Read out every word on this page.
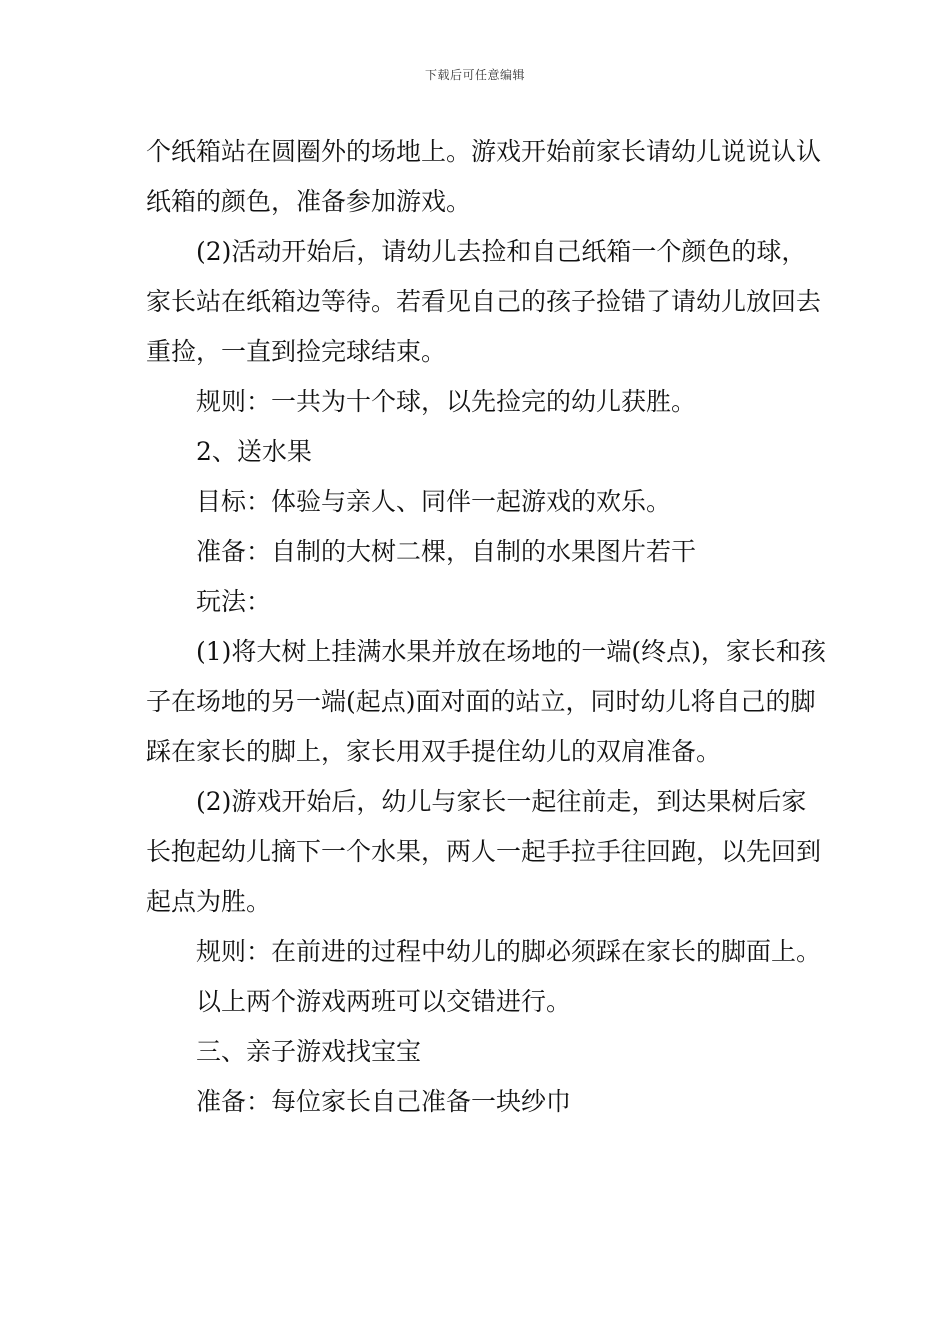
下载后可任意编辑

个纸箱站在圆圈外的场地上。游戏开始前家长请幼儿说说认认纸箱的颜色，准备参加游戏。

(2)活动开始后，请幼儿去捡和自己纸箱一个颜色的球，家长站在纸箱边等待。若看见自己的孩子捡错了请幼儿放回去重捡，一直到捡完球结束。

规则：一共为十个球，以先捡完的幼儿获胜。

2、送水果

目标：体验与亲人、同伴一起游戏的欢乐。

准备：自制的大树二棵，自制的水果图片若干

玩法：

(1)将大树上挂满水果并放在场地的一端(终点)，家长和孩子在场地的另一端(起点)面对面的站立，同时幼儿将自己的脚踩在家长的脚上，家长用双手提住幼儿的双肩准备。

(2)游戏开始后，幼儿与家长一起往前走，到达果树后家长抱起幼儿摘下一个水果，两人一起手拉手往回跑，以先回到起点为胜。

规则：在前进的过程中幼儿的脚必须踩在家长的脚面上。

以上两个游戏两班可以交错进行。

三、亲子游戏找宝宝

准备：每位家长自己准备一块纱巾
